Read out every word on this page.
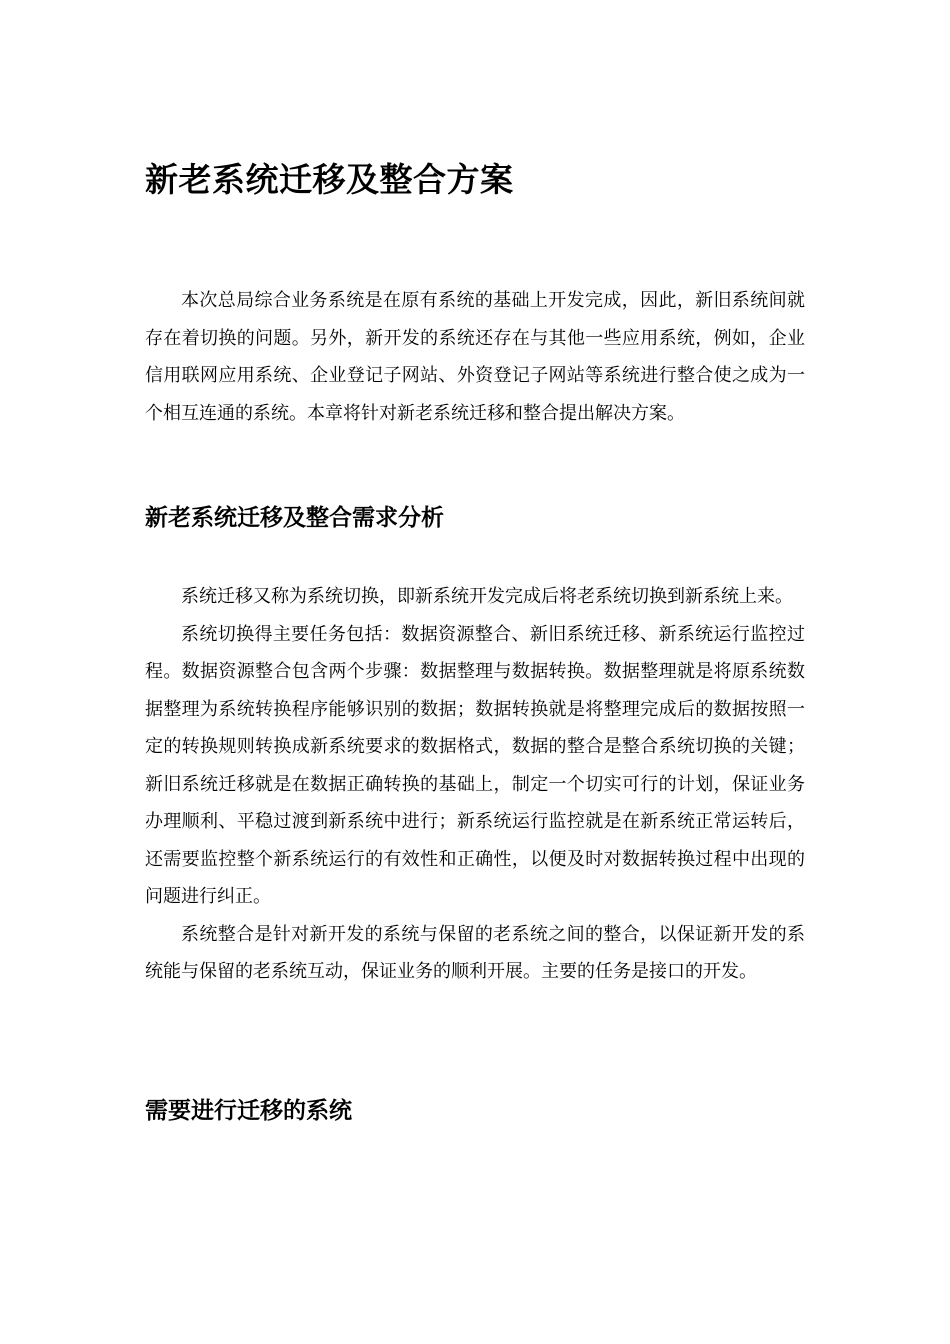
新老系统迁移及整合方案

本次总局综合业务系统是在原有系统的基础上开发完成，因此，新旧系统间就存在着切换的问题。另外，新开发的系统还存在与其他一些应用系统，例如，企业信用联网应用系统、企业登记子网站、外资登记子网站等系统进行整合使之成为一个相互连通的系统。本章将针对新老系统迁移和整合提出解决方案。

新老系统迁移及整合需求分析

系统迁移又称为系统切换，即新系统开发完成后将老系统切换到新系统上来。

系统切换得主要任务包括：数据资源整合、新旧系统迁移、新系统运行监控过程。数据资源整合包含两个步骤：数据整理与数据转换。数据整理就是将原系统数据整理为系统转换程序能够识别的数据；数据转换就是将整理完成后的数据按照一定的转换规则转换成新系统要求的数据格式，数据的整合是整合系统切换的关键；新旧系统迁移就是在数据正确转换的基础上，制定一个切实可行的计划，保证业务办理顺利、平稳过渡到新系统中进行；新系统运行监控就是在新系统正常运转后，还需要监控整个新系统运行的有效性和正确性，以便及时对数据转换过程中出现的问题进行纠正。

系统整合是针对新开发的系统与保留的老系统之间的整合，以保证新开发的系统能与保留的老系统互动，保证业务的顺利开展。主要的任务是接口的开发。

需要进行迁移的系统
